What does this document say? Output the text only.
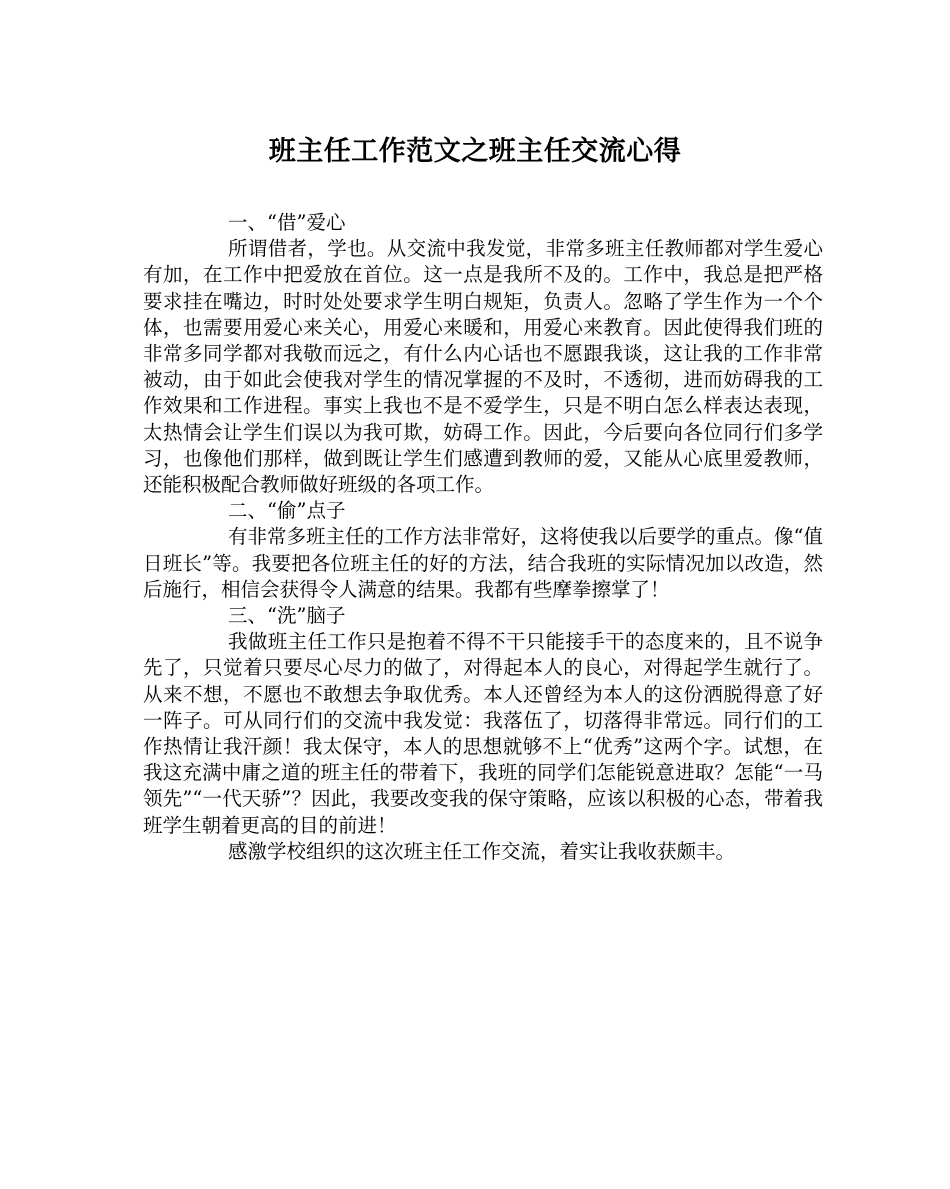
班主任工作范文之班主任交流心得

一、“借”爱心

所谓借者，学也。从交流中我发觉，非常多班主任教师都对学生爱心有加，在工作中把爱放在首位。这一点是我所不及的。工作中，我总是把严格要求挂在嘴边，时时处处要求学生明白规矩，负责人。忽略了学生作为一个个体，也需要用爱心来关心，用爱心来暖和，用爱心来教育。因此使得我们班的非常多同学都对我敬而远之，有什么内心话也不愿跟我谈，这让我的工作非常被动，由于如此会使我对学生的情况掌握的不及时，不透彻，进而妨碍我的工作效果和工作进程。事实上我也不是不爱学生，只是不明白怎么样表达表现，太热情会让学生们误以为我可欺，妨碍工作。因此，今后要向各位同行们多学习，也像他们那样，做到既让学生们感遭到教师的爱，又能从心底里爱教师，还能积极配合教师做好班级的各项工作。

二、“偷”点子

有非常多班主任的工作方法非常好，这将使我以后要学的重点。像“值日班长”等。我要把各位班主任的好的方法，结合我班的实际情况加以改造，然后施行，相信会获得令人满意的结果。我都有些摩拳擦掌了！

三、“洗”脑子

我做班主任工作只是抱着不得不干只能接手干的态度来的，且不说争先了，只觉着只要尽心尽力的做了，对得起本人的良心，对得起学生就行了。从来不想，不愿也不敢想去争取优秀。本人还曾经为本人的这份洒脱得意了好一阵子。可从同行们的交流中我发觉：我落伍了，切落得非常远。同行们的工作热情让我汗颜！我太保守，本人的思想就够不上“优秀”这两个字。试想，在我这充满中庸之道的班主任的带着下，我班的同学们怎能锐意进取？怎能“一马领先”“一代天骄”？因此，我要改变我的保守策略，应该以积极的心态，带着我班学生朝着更高的目的前进！

感激学校组织的这次班主任工作交流，着实让我收获颇丰。
